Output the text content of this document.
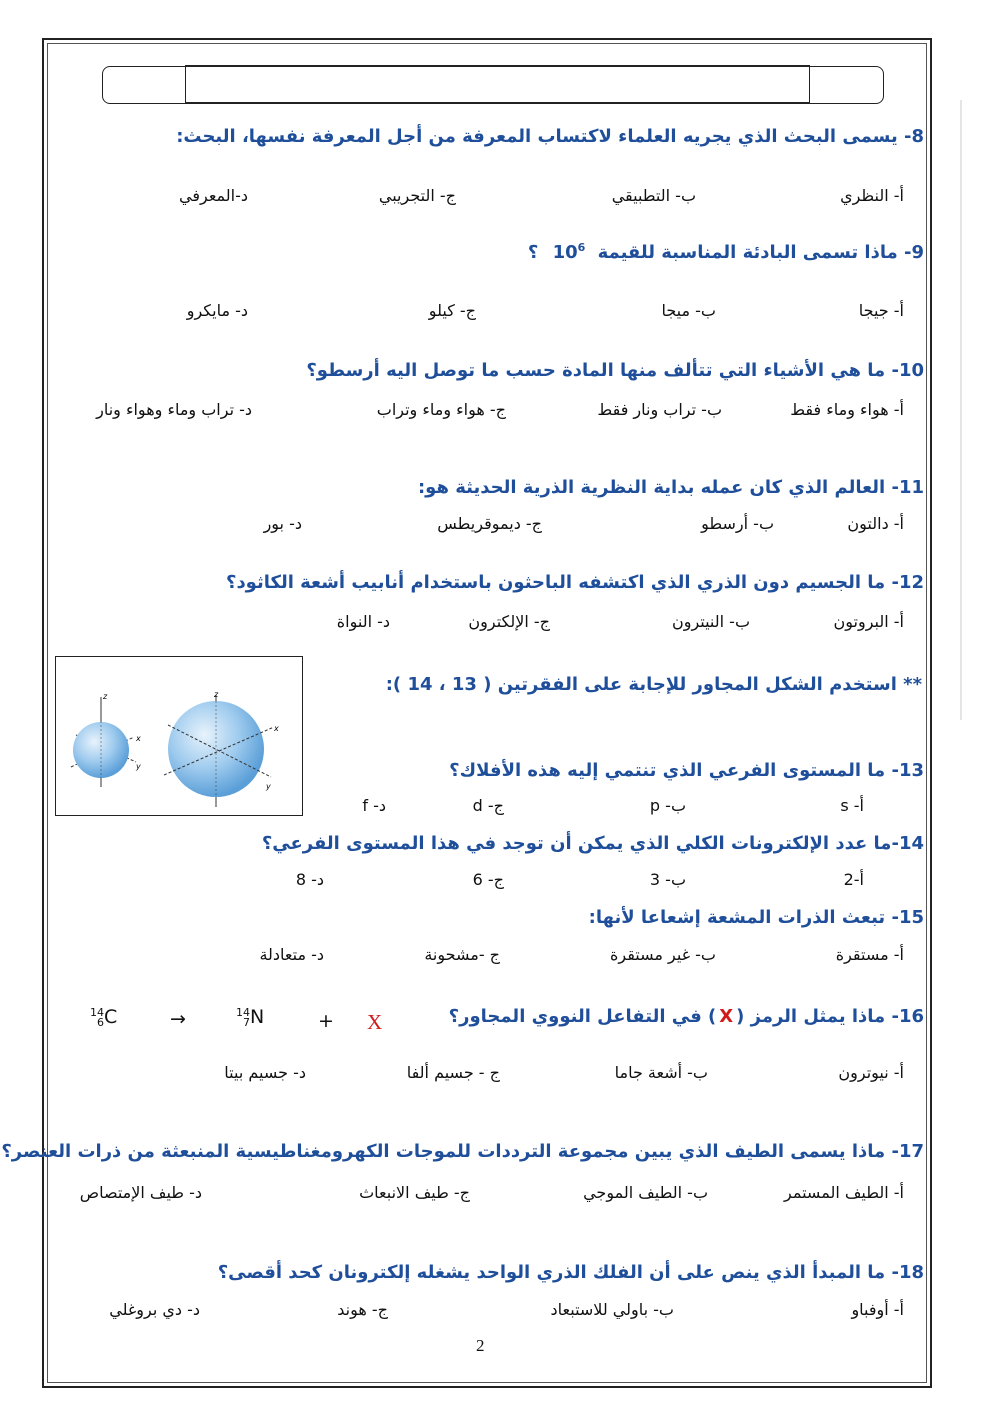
8- يسمى البحث الذي يجريه العلماء لاكتساب المعرفة من أجل المعرفة نفسها، البحث:
أ- النظري
ب- التطبيقي
ج- التجريبي
د-المعرفي
9- ماذا تسمى البادئة المناسبة للقيمة $10^6$ ؟
أ- جيجا
ب- ميجا
ج- كيلو
د- مايكرو
10- ما هي الأشياء التي تتألف منها المادة حسب ما توصل اليه أرسطو؟
أ- هواء وماء فقط
ب- تراب ونار فقط
ج- هواء وماء وتراب
د- تراب وماء وهواء ونار
11- العالم الذي كان عمله بداية النظرية الذرية الحديثة هو:
أ- دالتون
ب- أرسطو
ج- ديموقريطس
د- بور
12- ما الجسيم دون الذري الذي اكتشفه الباحثون باستخدام أنابيب أشعة الكاثود؟
أ- البروتون
ب- النيترون
ج- الإلكترون
د- النواة
** استخدم الشكل المجاور للإجابة على الفقرتين ( 13 ، 14 ):
z
x
y
z
x
y
13- ما المستوى الفرعي الذي تنتمي إليه هذه الأفلاك؟
أ- s
ب- p
ج- d
د- f
14-ما عدد الإلكترونات الكلي الذي يمكن أن توجد في هذا المستوى الفرعي؟
أ-2
ب- 3
ج- 6
د- 8
15- تبعث الذرات المشعة إشعاعا لأنها:
أ- مستقرة
ب- غير مستقرة
ج -مشحونة
د- متعادلة
16- ماذا يمثل الرمز (X) في التفاعل النووي المجاور؟
14
6C	→	14
7N	+ X
أ- نيوترون
ب- أشعة جاما
ج - جسيم ألفا
د- جسيم بيتا
17- ماذا يسمى الطيف الذي يبين مجموعة الترددات للموجات الكهرومغناطيسية المنبعثة من ذرات العنصر؟
أ- الطيف المستمر
ب- الطيف الموجي
ج- طيف الانبعاث
د- طيف الإمتصاص
18- ما المبدأ الذي ينص على أن الفلك الذري الواحد يشغله إلكترونان كحد أقصى؟
أ- أوفباو
ب- باولي للاستبعاد
ج- هوند
د- دي بروغلي
2
